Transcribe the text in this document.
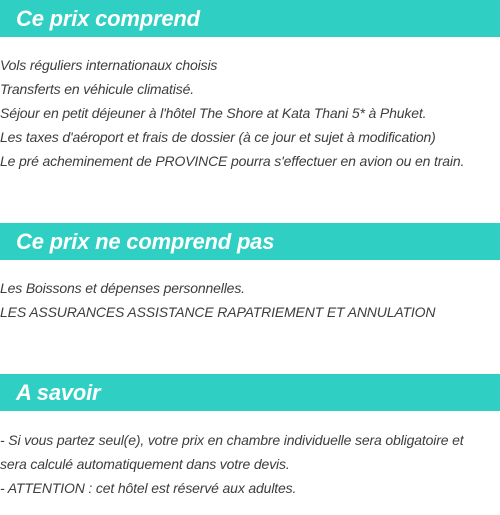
Ce prix comprend
Vols réguliers internationaux choisis
Transferts en véhicule climatisé.
Séjour en petit déjeuner à l'hôtel The Shore at Kata Thani 5* à Phuket.
Les taxes d'aéroport et frais de dossier (à ce jour et sujet à modification)
Le pré acheminement de PROVINCE pourra s'effectuer en avion ou en train.
Ce prix ne comprend pas
Les Boissons et dépenses personnelles.
LES ASSURANCES ASSISTANCE RAPATRIEMENT ET ANNULATION
A savoir
- Si vous partez seul(e), votre prix en chambre individuelle sera obligatoire et sera calculé automatiquement dans votre devis.
- ATTENTION : cet hôtel est réservé aux adultes.
